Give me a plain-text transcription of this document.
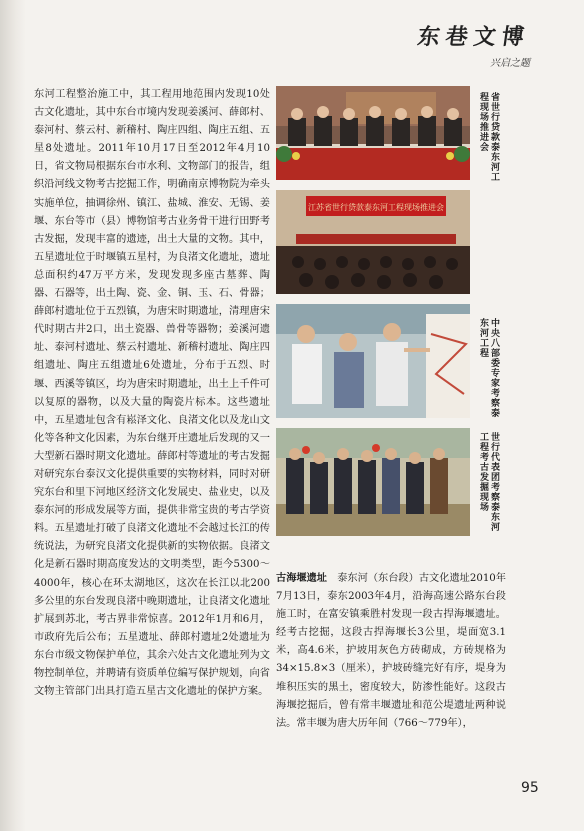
东巷文博
兴启之题

东河工程整治施工中，其工程用地范围内发现10处古文化遗址，其中东台市境内发现姜溪河、薛郎村、泰河村、蔡云村、新稽村、陶庄四组、陶庄五组、五星8处遗址。2011年10月17日至2012年4月10日，省文物局根据东台市水利、文物部门的报告，组织沿河线文物考古挖掘工作，明确南京博物院为牵头实施单位，抽调徐州、镇江、盐城、淮安、无锡、姜堰、东台等市（县）博物馆考古业务骨干进行田野考古发掘，发现丰富的遗迹，出土大量的文物。其中，五星遗址位于时堰镇五星村，为良渚文化遗址，遗址总面积约47万平方米，发现发现多座古墓葬、陶器、石器等，出土陶、瓷、金、铜、玉、石、骨器；薛郎村遗址位于五烈镇，为唐宋时期遗址，清理唐宋代时期古井2口，出土瓷器、兽骨等器物；姜溪河遗址、泰河村遗址、蔡云村遗址、新稽村遗址、陶庄四组遗址、陶庄五组遗址6处遗址，分布于五烈、时堰、西溪等镇区，均为唐宋时期遗址，出土上千件可以复原的器物，以及大量的陶瓷片标本。这些遗址中，五星遗址包含有崧泽文化、良渚文化以及龙山文化等各种文化因素，为东台继开庄遗址后发现的又一大型新石器时期文化遗址。薛郎村等遗址的考古发掘对研究东台泰汉文化提供重要的实物材料，同时对研究东台和里下河地区经济文化发展史、盐业史，以及泰东河的形成发展等方面，提供非常宝贵的考古学资料。五星遗址打破了良渚文化遗址不会越过长江的传统说法，为研究良渚文化提供新的实物依据。良渚文化是新石器时期高度发达的文明类型，距今5300～4000年，核心在环太湖地区，这次在长江以北200多公里的东台发现良渚中晚期遗址，让良渚文化遗址扩展到苏北，考古界非常惊喜。2012年1月和6月，市政府先后公布；五星遗址、薛郎村遗址2处遗址为东台市级文物保护单位，其余六处古文化遗址列为文物控制单位，并聘请有资质单位编写保护规划，向省文物主管部门出具打造五星古文化遗址的保护方案。

省世行贷款泰东河工程现场推进会
江苏省世行贷款泰东河工程现场推进会
中央八部委专家考察泰东河工程
世行代表团考察泰东河工程考古发掘现场

古海堰遗址　 泰东河（东台段）古文化遗址2010年7月13日，泰东2003年4月，沿海高速公路东台段施工时，在富安镇乘胜村发现一段古捍海堰遗址。经考古挖掘，这段古捍海堰长3公里，堤面宽3.1米，高4.6米，护坡用灰色方砖砌成，方砖规格为34×15.8×3（厘米），护坡砖缝完好有序，堤身为堆积压实的黑土，密度较大，防渗性能好。这段古海堰挖掘后，曾有常丰堰遗址和范公堤遗址两种说法。常丰堰为唐大历年间（766～779年），

95
